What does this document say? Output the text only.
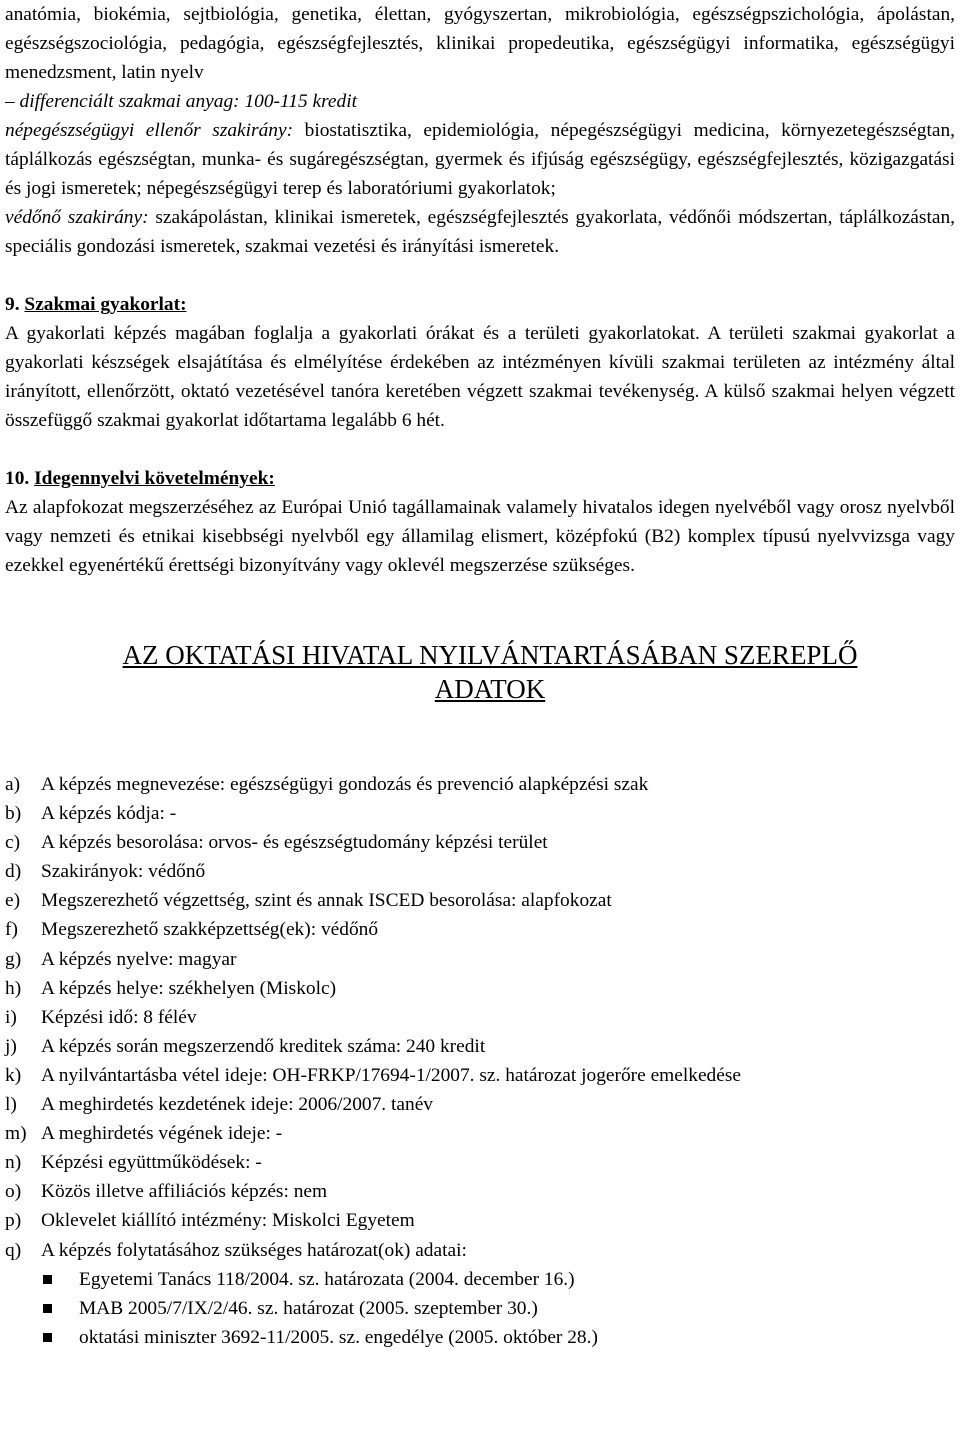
anatómia, biokémia, sejtbiológia, genetika, élettan, gyógyszertan, mikrobiológia, egészségpszichológia, ápolástan, egészségszociológia, pedagógia, egészségfejlesztés, klinikai propedeutika, egészségügyi informatika, egészségügyi menedzsment, latin nyelv

– differenciált szakmai anyag: 100-115 kredit

népegészségügyi ellenőr szakirány: biostatisztika, epidemiológia, népegészségügyi medicina, környezetegészségtan, táplálkozás egészségtan, munka- és sugáregészségtan, gyermek és ifjúság egészségügy, egészségfejlesztés, közigazgatási és jogi ismeretek; népegészségügyi terep és laboratóriumi gyakorlatok;

védőnő szakirány: szakápolástan, klinikai ismeretek, egészségfejlesztés gyakorlata, védőnői módszertan, táplálkozástan, speciális gondozási ismeretek, szakmai vezetési és irányítási ismeretek.

9. Szakmai gyakorlat:

A gyakorlati képzés magában foglalja a gyakorlati órákat és a területi gyakorlatokat. A területi szakmai gyakorlat a gyakorlati készségek elsajátítása és elmélyítése érdekében az intézményen kívüli szakmai területen az intézmény által irányított, ellenőrzött, oktató vezetésével tanóra keretében végzett szakmai tevékenység. A külső szakmai helyen végzett összefüggő szakmai gyakorlat időtartama legalább 6 hét.

10. Idegennyelvi követelmények:

Az alapfokozat megszerzéséhez az Európai Unió tagállamainak valamely hivatalos idegen nyelvéből vagy orosz nyelvből vagy nemzeti és etnikai kisebbségi nyelvből egy államilag elismert, középfokú (B2) komplex típusú nyelvvizsga vagy ezekkel egyenértékű érettségi bizonyítvány vagy oklevél megszerzése szükséges.

AZ OKTATÁSI HIVATAL NYILVÁNTARTÁSÁBAN SZEREPLŐ
ADATOK

a)	A képzés megnevezése: egészségügyi gondozás és prevenció alapképzési szak
b)	A képzés kódja: -
c)	A képzés besorolása: orvos- és egészségtudomány képzési terület
d)	Szakirányok: védőnő
e)	Megszerezhető végzettség, szint és annak ISCED besorolása: alapfokozat
f)	Megszerezhető szakképzettség(ek): védőnő
g)	A képzés nyelve: magyar
h)	A képzés helye: székhelyen (Miskolc)
i)	Képzési idő: 8 félév
j)	A képzés során megszerzendő kreditek száma: 240 kredit
k)	A nyilvántartásba vétel ideje: OH-FRKP/17694-1/2007. sz. határozat jogerőre emelkedése
l)	A meghirdetés kezdetének ideje: 2006/2007. tanév
m) A meghirdetés végének ideje: -
n)	Képzési együttműködések: -
o)	Közös illetve affiliációs képzés: nem
p)	Oklevelet kiállító intézmény: Miskolci Egyetem
q)	A képzés folytatásához szükséges határozat(ok) adatai:
Egyetemi Tanács 118/2004. sz. határozata (2004. december 16.)
MAB 2005/7/IX/2/46. sz. határozat (2005. szeptember 30.)
oktatási miniszter 3692-11/2005. sz. engedélye (2005. október 28.)
